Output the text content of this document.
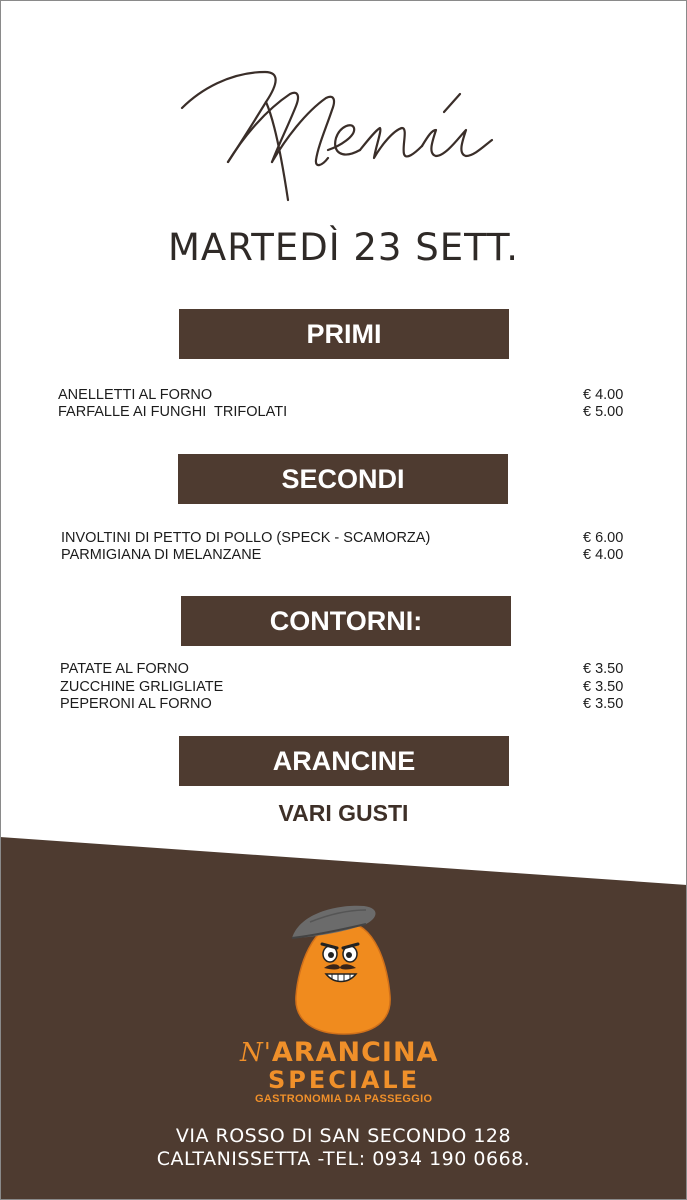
MARTEDÌ 23 SETT.
PRIMI
ANELLETTI AL FORNO	€ 4.00
FARFALLE AI FUNGHI  TRIFOLATI	€ 5.00
SECONDI
INVOLTINI DI PETTO DI POLLO (SPECK - SCAMORZA)	€ 6.00
PARMIGIANA DI MELANZANE	€ 4.00
CONTORNI:
PATATE AL FORNO	€ 3.50
ZUCCHINE GRLIGLIATE	€ 3.50
PEPERONI AL FORNO	€ 3.50
ARANCINE
VARI GUSTI
N'ARANCINA
SPECIALE
GASTRONOMIA DA PASSEGGIO
VIA ROSSO DI SAN SECONDO 128
CALTANISSETTA -TEL: 0934 190 0668.
